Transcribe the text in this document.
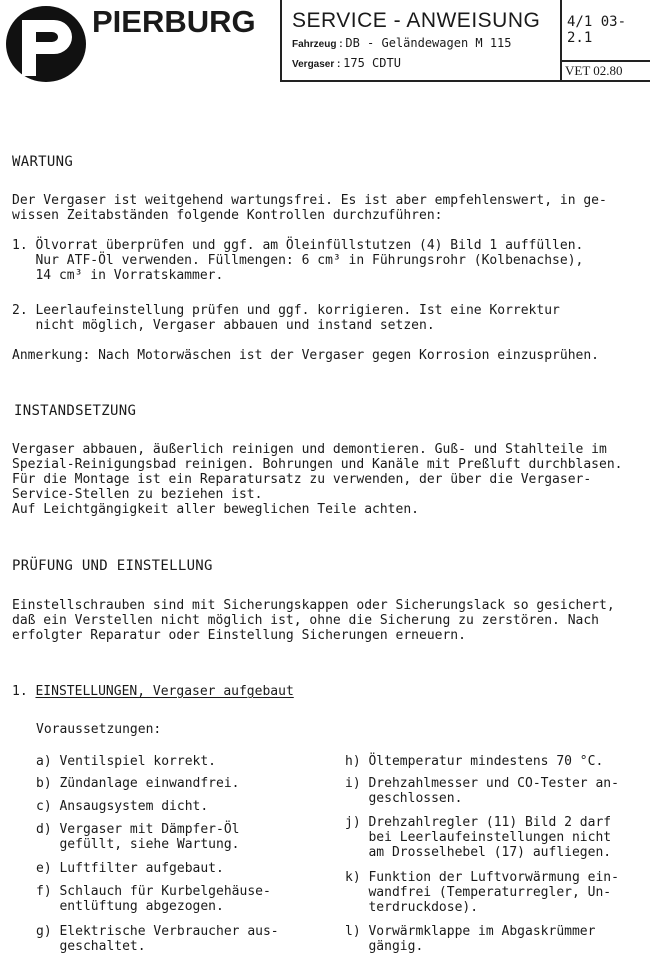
PIERBURG SERVICE - ANWEISUNG
Fahrzeug : DB - Geländewagen M 115
Vergaser : 175 CDTU
4/1 03-2.1
VET 02.80
WARTUNG
Der Vergaser ist weitgehend wartungsfrei. Es ist aber empfehlenswert, in ge-
wissen Zeitabständen folgende Kontrollen durchzuführen:
1. Ölvorrat überprüfen und ggf. am Öleinfüllstutzen (4) Bild 1 auffüllen.
Nur ATF-Öl verwenden. Füllmengen: 6 cm³ in Führungsrohr (Kolbenachse),
14 cm³ in Vorratskammer.
2. Leerlaufeinstellung prüfen und ggf. korrigieren. Ist eine Korrektur
nicht möglich, Vergaser abbauen und instand setzen.
Anmerkung: Nach Motorwäschen ist der Vergaser gegen Korrosion einzusprühen.
INSTANDSETZUNG
Vergaser abbauen, äußerlich reinigen und demontieren. Guß- und Stahlteile im
Spezial-Reinigungsbad reinigen. Bohrungen und Kanäle mit Preßluft durchblasen.
Für die Montage ist ein Reparatursatz zu verwenden, der über die Vergaser-
Service-Stellen zu beziehen ist.
Auf Leichtgängigkeit aller beweglichen Teile achten.
PRÜFUNG UND EINSTELLUNG
Einstellschrauben sind mit Sicherungskappen oder Sicherungslack so gesichert,
daß ein Verstellen nicht möglich ist, ohne die Sicherung zu zerstören. Nach
erfolgter Reparatur oder Einstellung Sicherungen erneuern.
1. EINSTELLUNGEN, Vergaser aufgebaut
Voraussetzungen:
a) Ventilspiel korrekt.
b) Zündanlage einwandfrei.
c) Ansaugsystem dicht.
d) Vergaser mit Dämpfer-Öl
gefüllt, siehe Wartung.
e) Luftfilter aufgebaut.
f) Schlauch für Kurbelgehäuse-
entlüftung abgezogen.
g) Elektrische Verbraucher aus-
geschaltet.
h) Öltemperatur mindestens 70 °C.
i) Drehzahlmesser und CO-Tester an-
geschlossen.
j) Drehzahlregler (11) Bild 2 darf
bei Leerlaufeinstellungen nicht
am Drosselhebel (17) aufliegen.
k) Funktion der Luftvorwärmung ein-
wandfrei (Temperaturregler, Un-
terdruckdose).
l) Vorwärmklappe im Abgaskrümmer
gängig.
